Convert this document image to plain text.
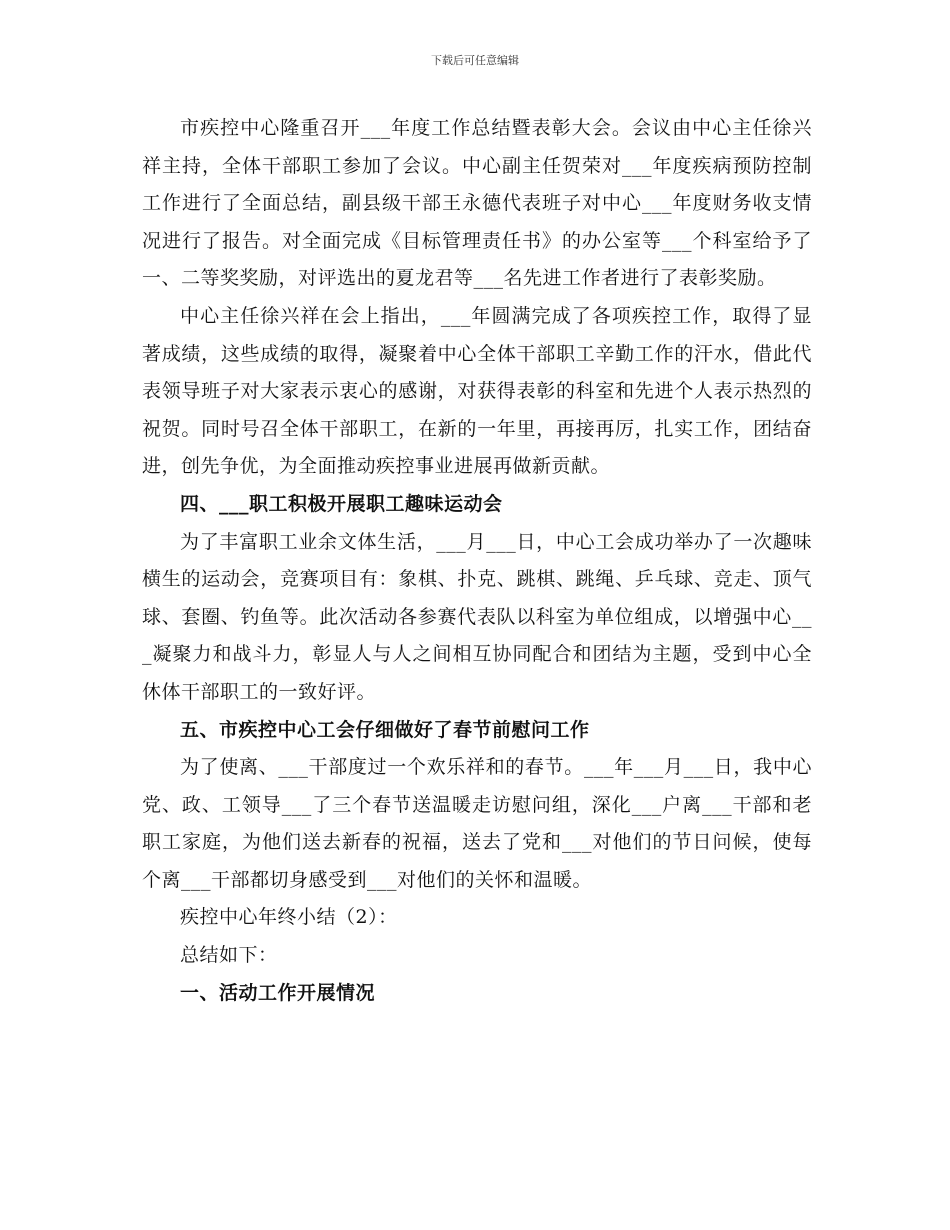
下载后可任意编辑

市疾控中心隆重召开___年度工作总结暨表彰大会。会议由中心主任徐兴祥主持，全体干部职工参加了会议。中心副主任贺荣对___年度疾病预防控制工作进行了全面总结，副县级干部王永德代表班子对中心___年度财务收支情况进行了报告。对全面完成《目标管理责任书》的办公室等___个科室给予了一、二等奖奖励，对评选出的夏龙君等___名先进工作者进行了表彰奖励。

中心主任徐兴祥在会上指出，___年圆满完成了各项疾控工作，取得了显著成绩，这些成绩的取得，凝聚着中心全体干部职工辛勤工作的汗水，借此代表领导班子对大家表示衷心的感谢，对获得表彰的科室和先进个人表示热烈的祝贺。同时号召全体干部职工，在新的一年里，再接再厉，扎实工作，团结奋进，创先争优，为全面推动疾控事业进展再做新贡献。

四、___职工积极开展职工趣味运动会

为了丰富职工业余文体生活，___月___日，中心工会成功举办了一次趣味横生的运动会，竞赛项目有：象棋、扑克、跳棋、跳绳、乒乓球、竞走、顶气球、套圈、钓鱼等。此次活动各参赛代表队以科室为单位组成，以增强中心___凝聚力和战斗力，彰显人与人之间相互协同配合和团结为主题，受到中心全休体干部职工的一致好评。

五、市疾控中心工会仔细做好了春节前慰问工作

为了使离、___干部度过一个欢乐祥和的春节。___年___月___日，我中心党、政、工领导___了三个春节送温暖走访慰问组，深化___户离___干部和老职工家庭，为他们送去新春的祝福，送去了党和___对他们的节日问候，使每个离___干部都切身感受到___对他们的关怀和温暖。

疾控中心年终小结（2）：

总结如下：

一、活动工作开展情况
